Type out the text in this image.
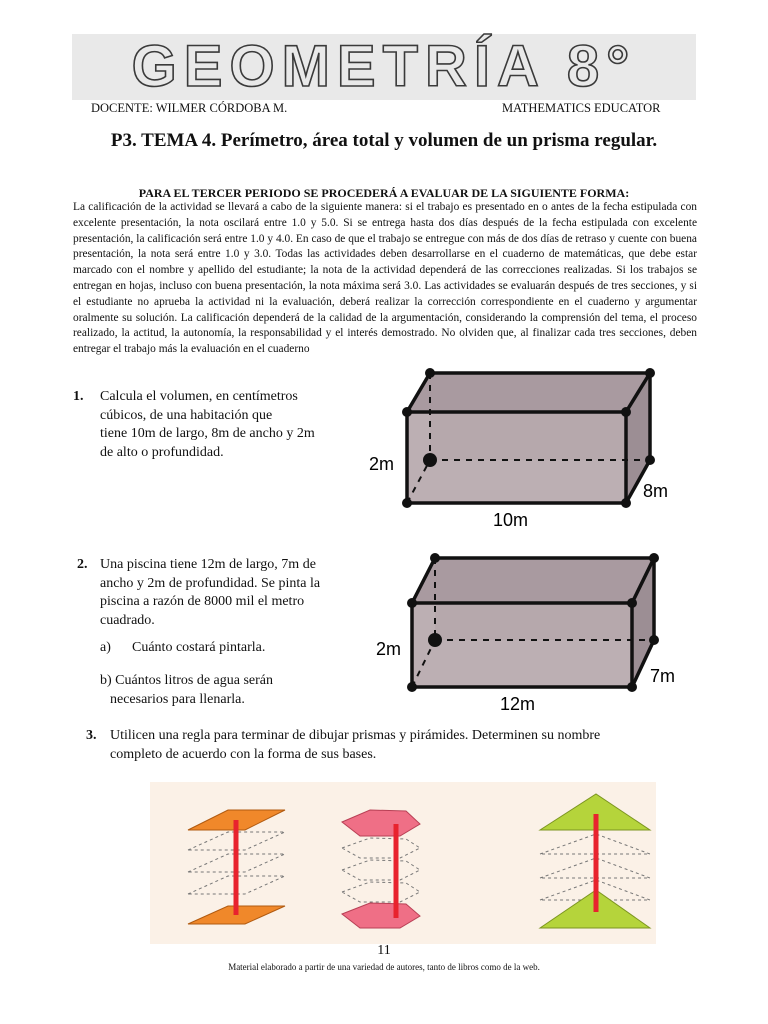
GEOMETRÍA 8°
DOCENTE: WILMER CÓRDOBA M.	MATHEMATICS EDUCATOR
P3. TEMA 4. Perímetro, área total y volumen de un prisma regular.
PARA EL TERCER PERIODO SE PROCEDERÁ A EVALUAR DE LA SIGUIENTE FORMA:
La calificación de la actividad se llevará a cabo de la siguiente manera: si el trabajo es presentado en o antes de la fecha estipulada con excelente presentación, la nota oscilará entre 1.0 y 5.0. Si se entrega hasta dos días después de la fecha estipulada con excelente presentación, la calificación será entre 1.0 y 4.0. En caso de que el trabajo se entregue con más de dos días de retraso y cuente con buena presentación, la nota será entre 1.0 y 3.0. Todas las actividades deben desarrollarse en el cuaderno de matemáticas, que debe estar marcado con el nombre y apellido del estudiante; la nota de la actividad dependerá de las correcciones realizadas. Si los trabajos se entregan en hojas, incluso con buena presentación, la nota máxima será 3.0. Las actividades se evaluarán después de tres secciones, y si el estudiante no aprueba la actividad ni la evaluación, deberá realizar la corrección correspondiente en el cuaderno y argumentar oralmente su solución. La calificación dependerá de la calidad de la argumentación, considerando la comprensión del tema, el proceso realizado, la actitud, la autonomía, la responsabilidad y el interés demostrado. No olviden que, al finalizar cada tres secciones, deben entregar el trabajo más la evaluación en el cuaderno
1. Calcula el volumen, en centímetros
cúbicos, de una habitación que
tiene 10m de largo, 8m de ancho y 2m
de alto o profundidad.
2m
8m
10m
2. Una piscina tiene 12m de largo, 7m de
ancho y 2m de profundidad. Se pinta la
piscina a razón de 8000 mil el metro
cuadrado.
a) Cuánto costará pintarla.
b) Cuántos litros de agua serán
necesarios para llenarla.
2m
7m
12m
3. Utilicen una regla para terminar de dibujar prismas y pirámides. Determinen su nombre
completo de acuerdo con la forma de sus bases.
11
Material elaborado a partir de una variedad de autores, tanto de libros como de la web.
